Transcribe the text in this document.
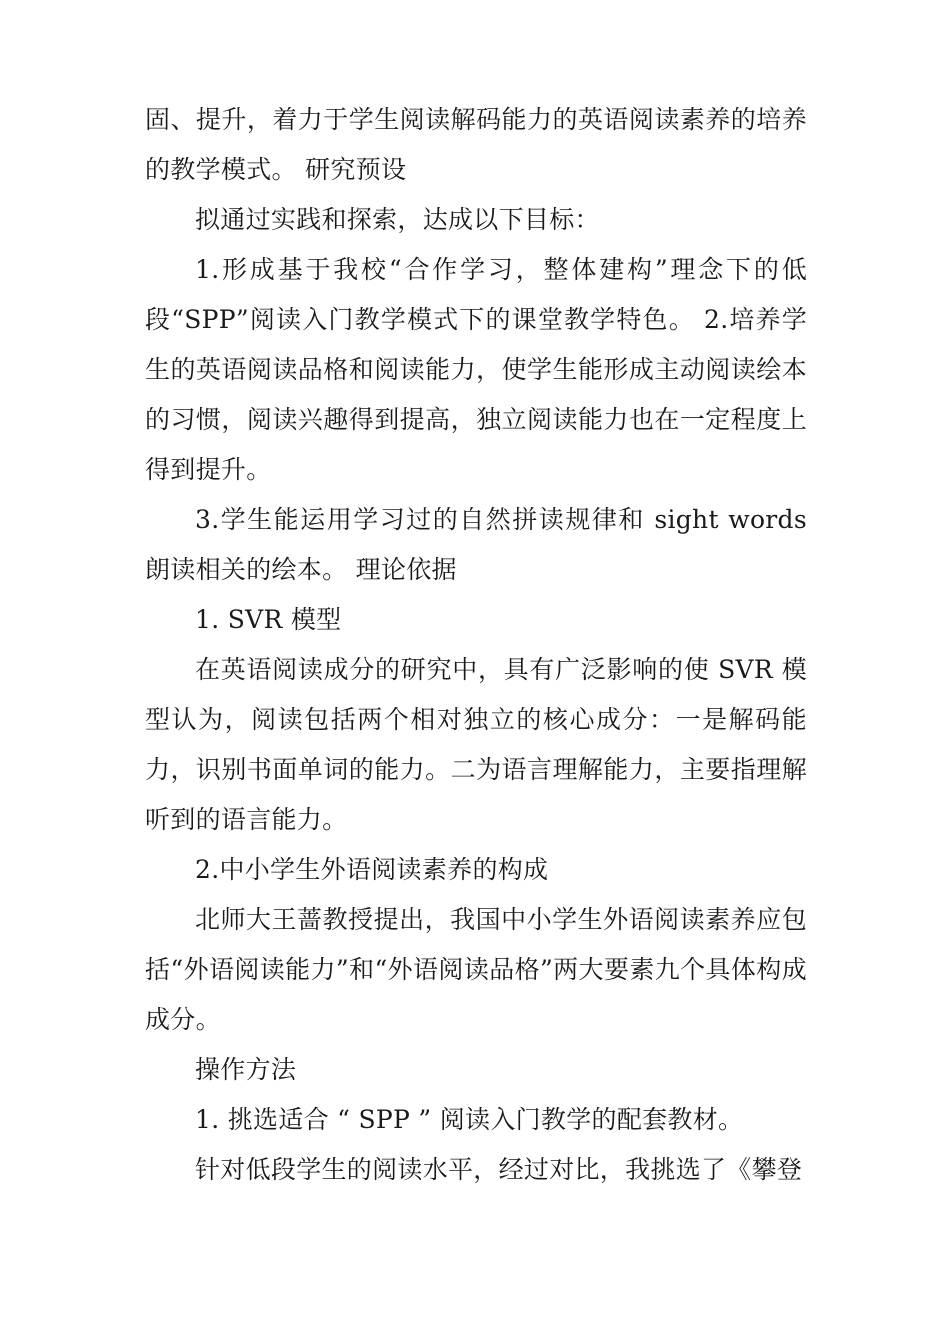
固、提升，着力于学生阅读解码能力的英语阅读素养的培养的教学模式。 研究预设

拟通过实践和探索，达成以下目标：

1.形成基于我校“合作学习，整体建构”理念下的低段“SPP”阅读入门教学模式下的课堂教学特色。 2.培养学生的英语阅读品格和阅读能力，使学生能形成主动阅读绘本的习惯，阅读兴趣得到提高，独立阅读能力也在一定程度上得到提升。

3.学生能运用学习过的自然拼读规律和 sight words 朗读相关的绘本。 理论依据

1. SVR 模型

在英语阅读成分的研究中，具有广泛影响的使 SVR 模型认为，阅读包括两个相对独立的核心成分：一是解码能力，识别书面单词的能力。二为语言理解能力，主要指理解听到的语言能力。

2.中小学生外语阅读素养的构成

北师大王蔷教授提出，我国中小学生外语阅读素养应包括“外语阅读能力”和“外语阅读品格”两大要素九个具体构成成分。

操作方法

1. 挑选适合 “ SPP ” 阅读入门教学的配套教材。

针对低段学生的阅读水平，经过对比，我挑选了《攀登
